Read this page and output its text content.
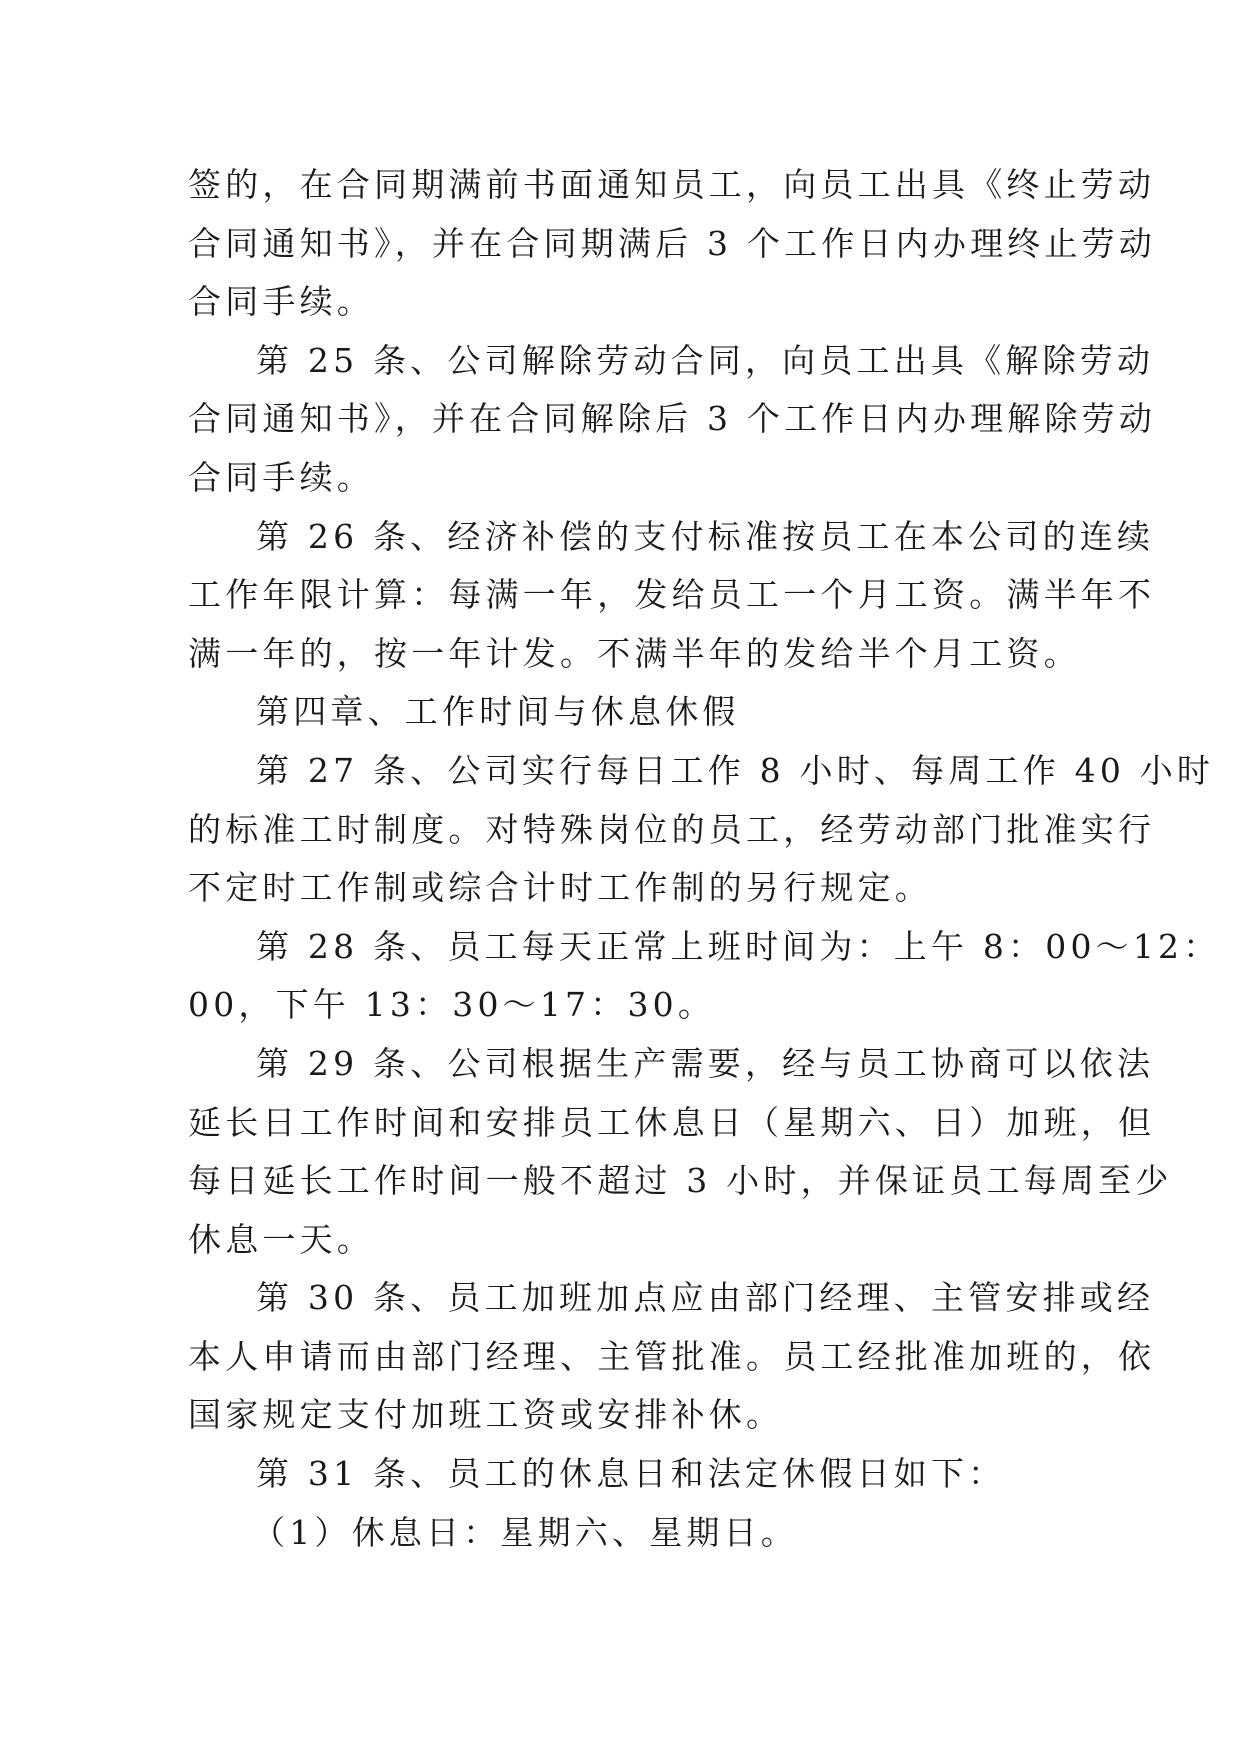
签的，在合同期满前书面通知员工，向员工出具《终止劳动
合同通知书》，并在合同期满后 3 个工作日内办理终止劳动
合同手续。
第 25 条、公司解除劳动合同，向员工出具《解除劳动
合同通知书》，并在合同解除后 3 个工作日内办理解除劳动
合同手续。
第 26 条、经济补偿的支付标准按员工在本公司的连续
工作年限计算：每满一年，发给员工一个月工资。满半年不
满一年的，按一年计发。不满半年的发给半个月工资。
第四章、工作时间与休息休假
第 27 条、公司实行每日工作 8 小时、每周工作 40 小时
的标准工时制度。对特殊岗位的员工，经劳动部门批准实行
不定时工作制或综合计时工作制的另行规定。
第 28 条、员工每天正常上班时间为：上午 8：00～12：
00，下午 13：30～17：30。
第 29 条、公司根据生产需要，经与员工协商可以依法
延长日工作时间和安排员工休息日（星期六、日）加班，但
每日延长工作时间一般不超过 3 小时，并保证员工每周至少
休息一天。
第 30 条、员工加班加点应由部门经理、主管安排或经
本人申请而由部门经理、主管批准。员工经批准加班的，依
国家规定支付加班工资或安排补休。
第 31 条、员工的休息日和法定休假日如下：
（1）休息日：星期六、星期日。
